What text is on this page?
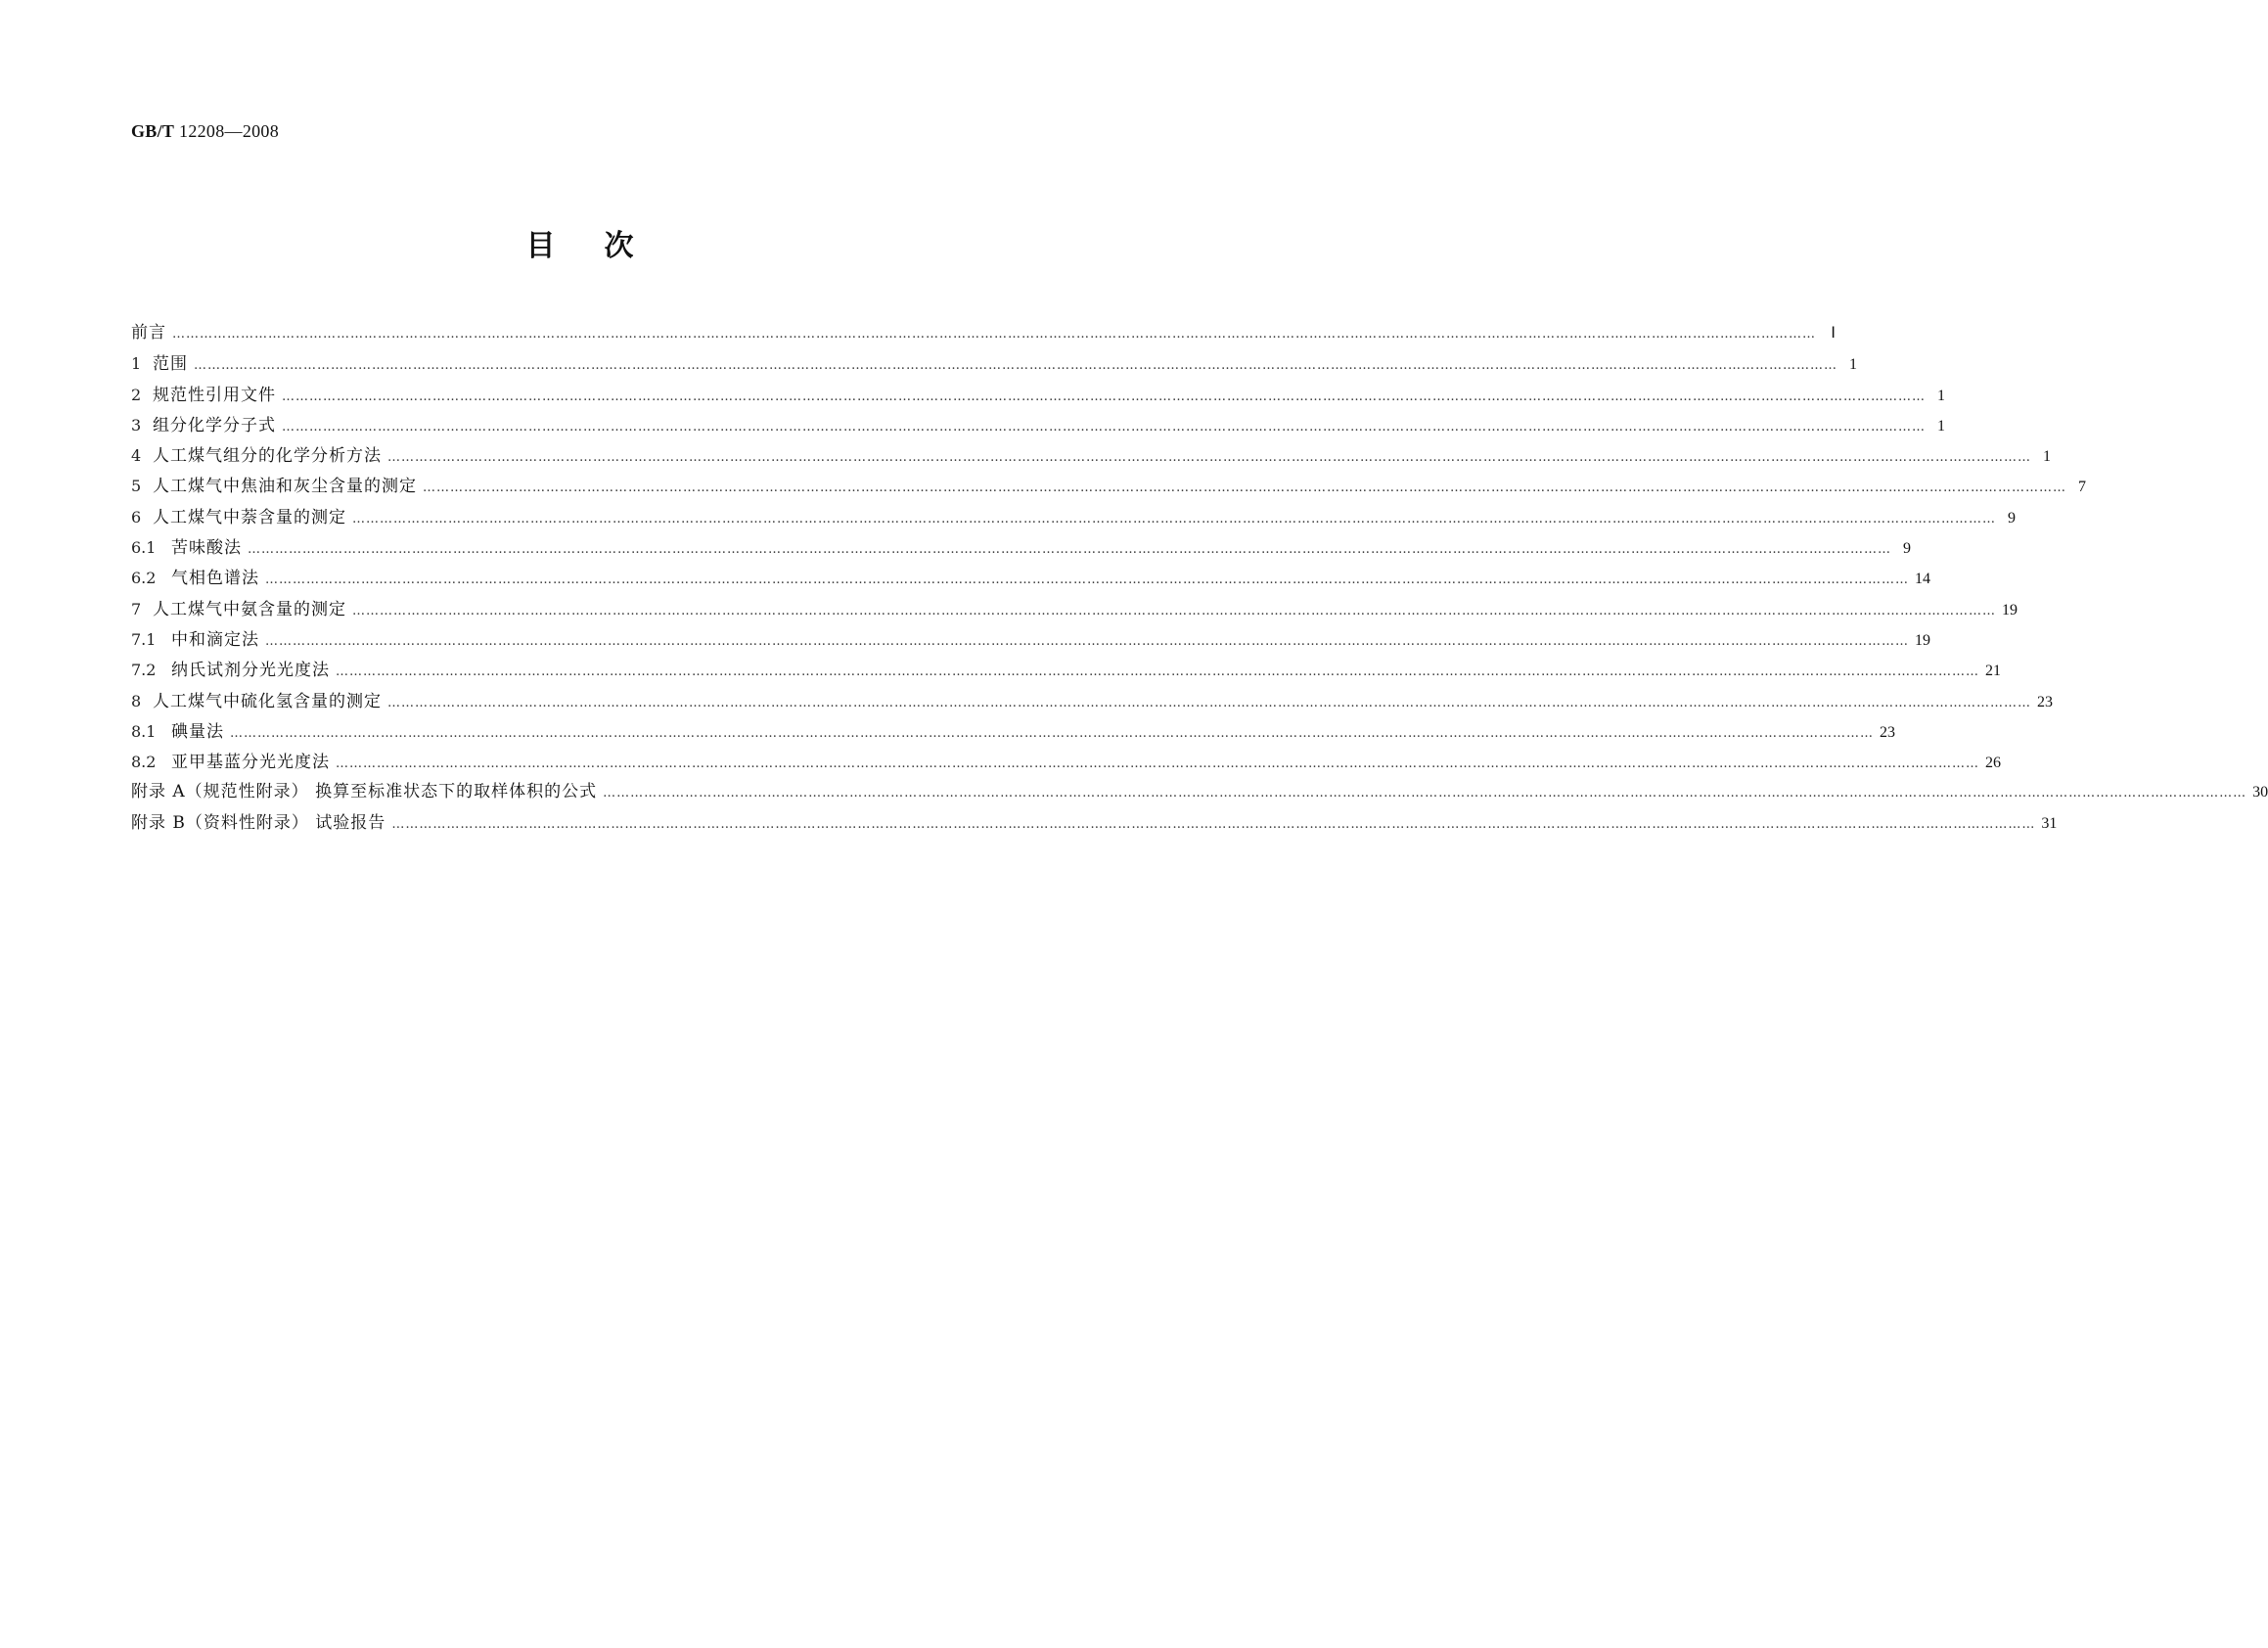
GB/T 12208—2008
目次
前言 ……………………………………………………………………………………………………………………………………………………………………………………………………………………………………………………………………………………………………………………………… Ⅰ
1 范围 ……………………………………………………………………………………………………………………………………………………………………………………………………………………………………………………………………………………………………………………………… 1
2 规范性引用文件 ……………………………………………………………………………………………………………………………………………………………………………………………………………………………………………………………………………………………………………………………… 1
3 组分化学分子式 ……………………………………………………………………………………………………………………………………………………………………………………………………………………………………………………………………………………………………………………………… 1
4 人工煤气组分的化学分析方法 ……………………………………………………………………………………………………………………………………………………………………………………………………………………………………………………………………………………………………………………………… 1
5 人工煤气中焦油和灰尘含量的测定 ……………………………………………………………………………………………………………………………………………………………………………………………………………………………………………………………………………………………………………………………… 7
6 人工煤气中萘含量的测定 ……………………………………………………………………………………………………………………………………………………………………………………………………………………………………………………………………………………………………………………………… 9
6.1 苦味酸法 ……………………………………………………………………………………………………………………………………………………………………………………………………………………………………………………………………………………………………………………………… 9
6.2 气相色谱法 ……………………………………………………………………………………………………………………………………………………………………………………………………………………………………………………………………………………………………………………………… 14
7 人工煤气中氨含量的测定 ……………………………………………………………………………………………………………………………………………………………………………………………………………………………………………………………………………………………………………………………… 19
7.1 中和滴定法 ……………………………………………………………………………………………………………………………………………………………………………………………………………………………………………………………………………………………………………………………… 19
7.2 纳氏试剂分光光度法 ……………………………………………………………………………………………………………………………………………………………………………………………………………………………………………………………………………………………………………………………… 21
8 人工煤气中硫化氢含量的测定 ……………………………………………………………………………………………………………………………………………………………………………………………………………………………………………………………………………………………………………………………… 23
8.1 碘量法 ……………………………………………………………………………………………………………………………………………………………………………………………………………………………………………………………………………………………………………………………… 23
8.2 亚甲基蓝分光光度法 ……………………………………………………………………………………………………………………………………………………………………………………………………………………………………………………………………………………………………………………………… 26
附录 A（规范性附录） 换算至标准状态下的取样体积的公式 ……………………………………………………………………………………………………………………………………………………………………………………………………………………………………………………………………………………………………………………………… 30
附录 B（资料性附录） 试验报告 ……………………………………………………………………………………………………………………………………………………………………………………………………………………………………………………………………………………………………………………………… 31
